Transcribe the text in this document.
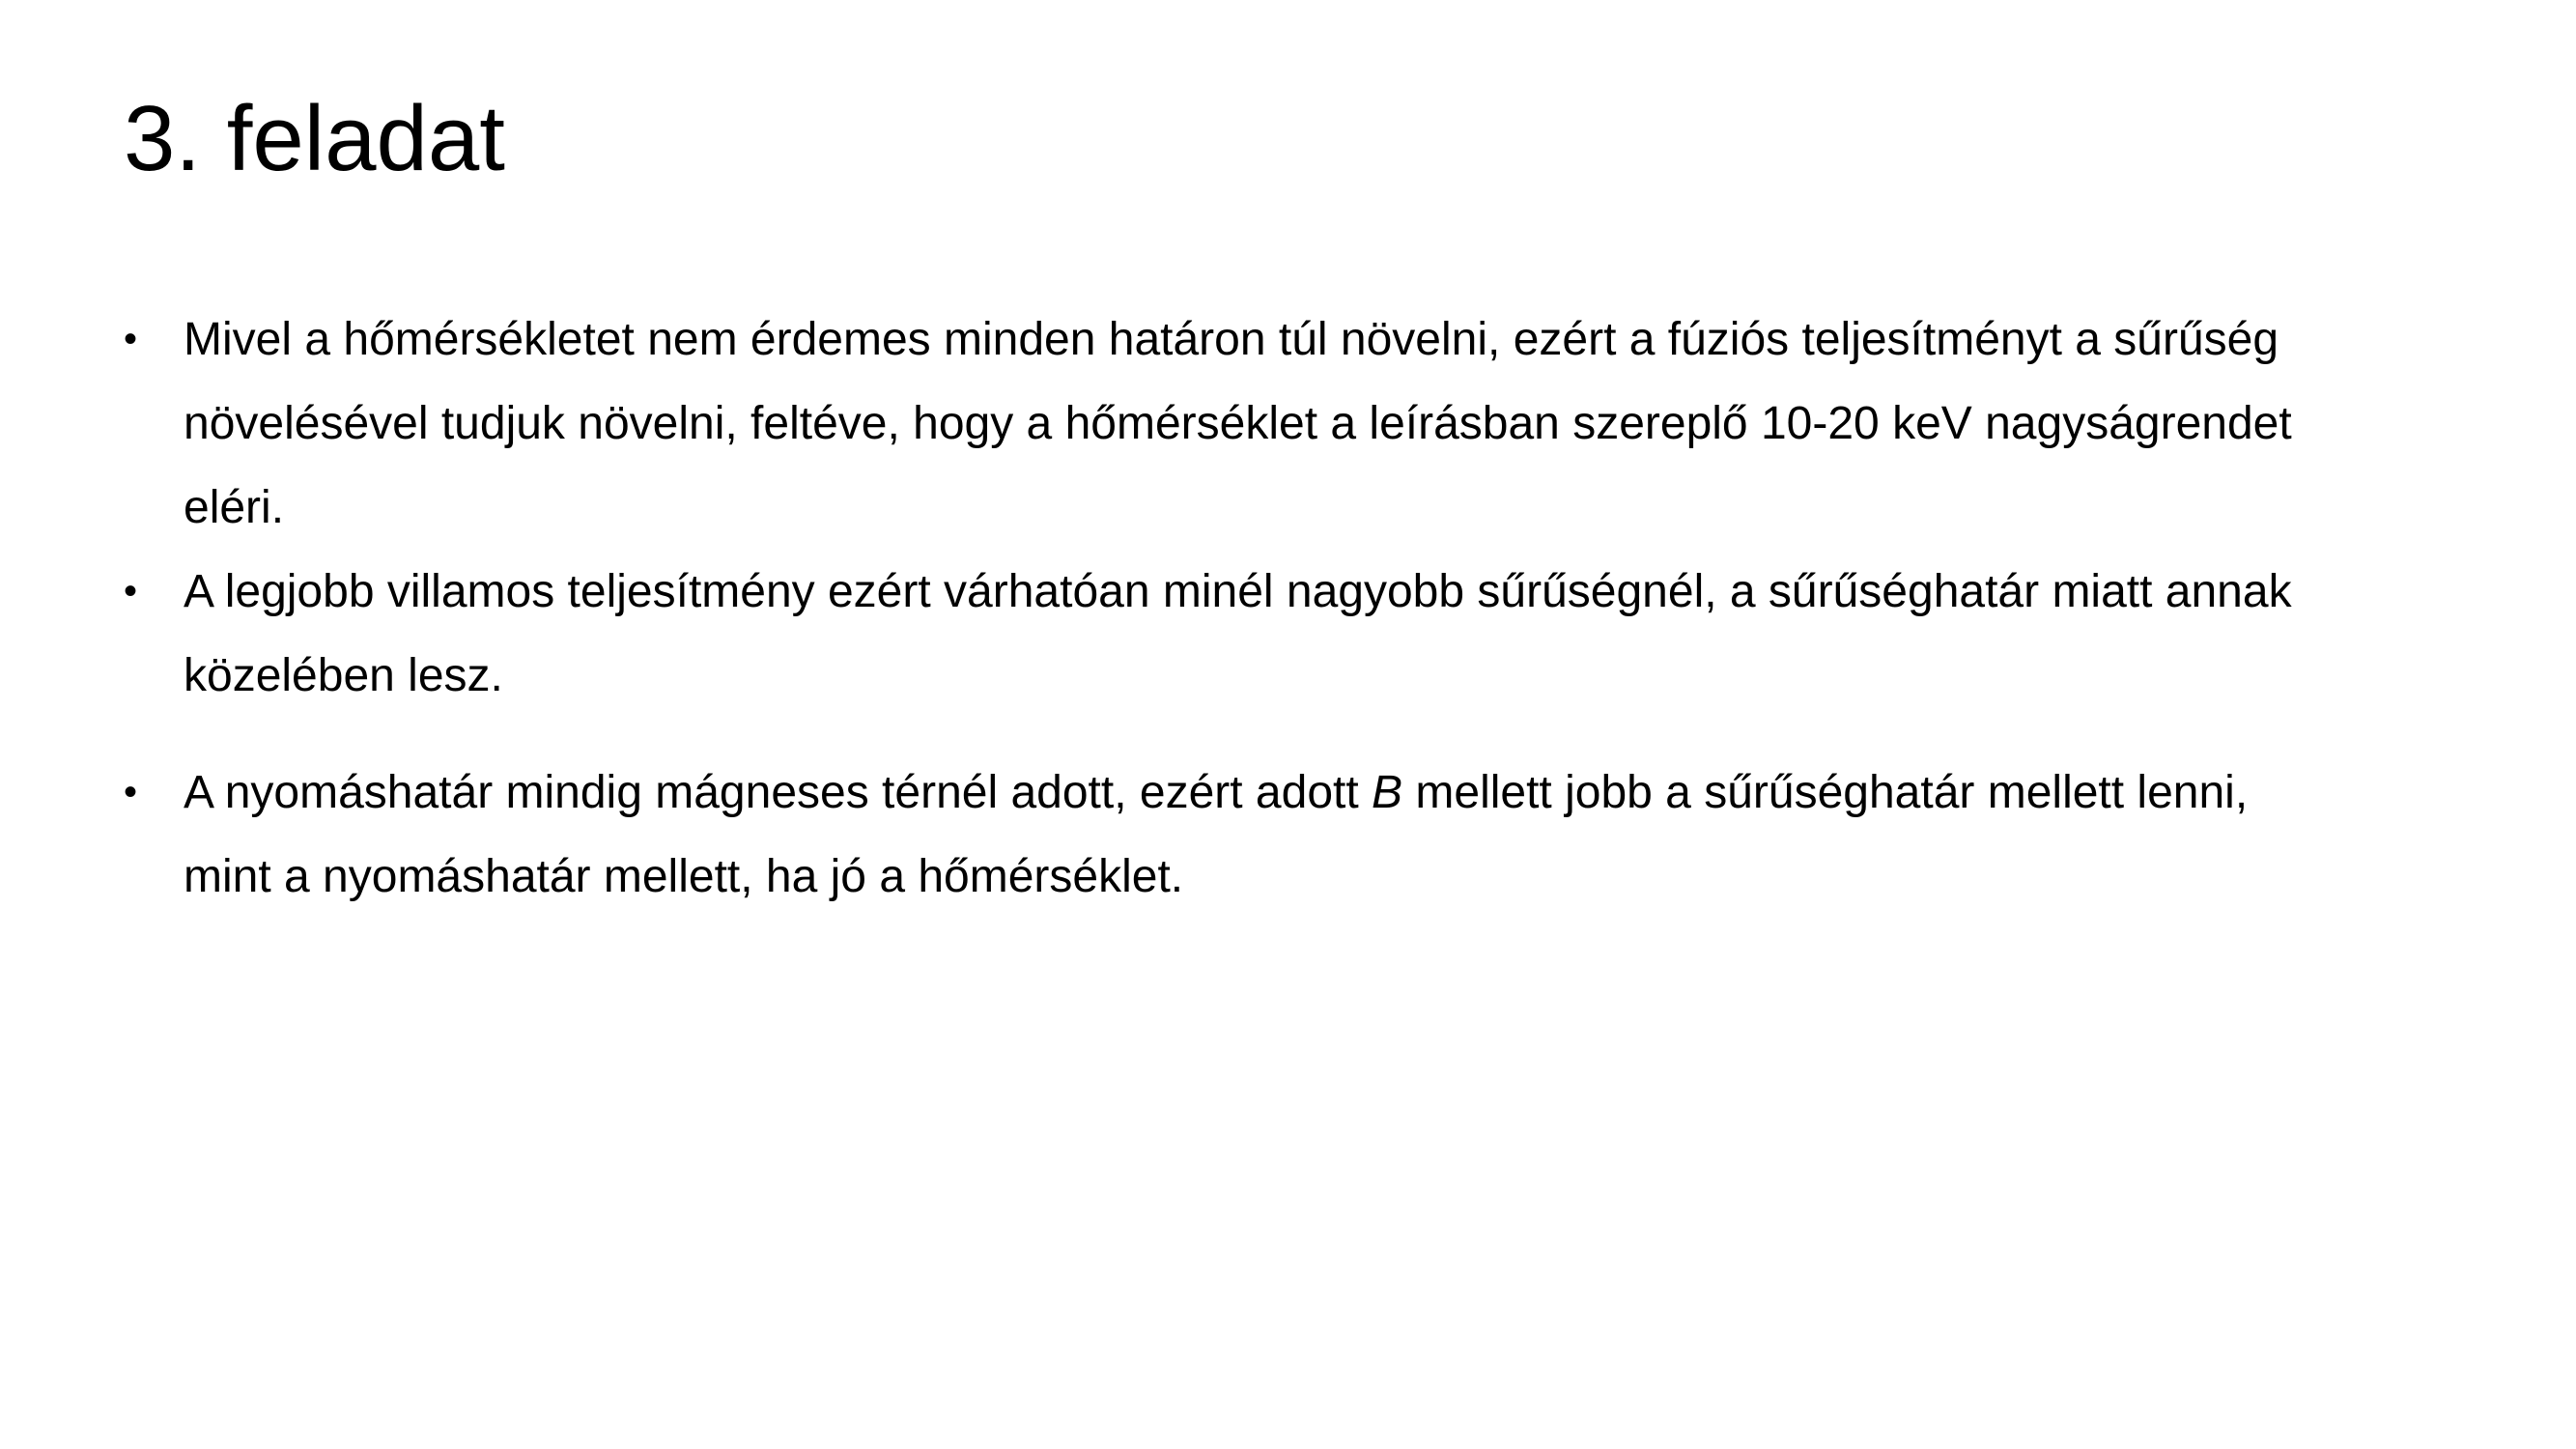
3. feladat
• Mivel a hőmérsékletet nem érdemes minden határon túl növelni, ezért a fúziós teljesítményt a sűrűség
növelésével tudjuk növelni, feltéve, hogy a hőmérséklet a leírásban szereplő 10-20 keV nagyságrendet
eléri.
• A legjobb villamos teljesítmény ezért várhatóan minél nagyobb sűrűségnél, a sűrűséghatár miatt annak
közelében lesz.
• A nyomáshatár mindig mágneses térnél adott, ezért adott B mellett jobb a sűrűséghatár mellett lenni,
mint a nyomáshatár mellett, ha jó a hőmérséklet.
